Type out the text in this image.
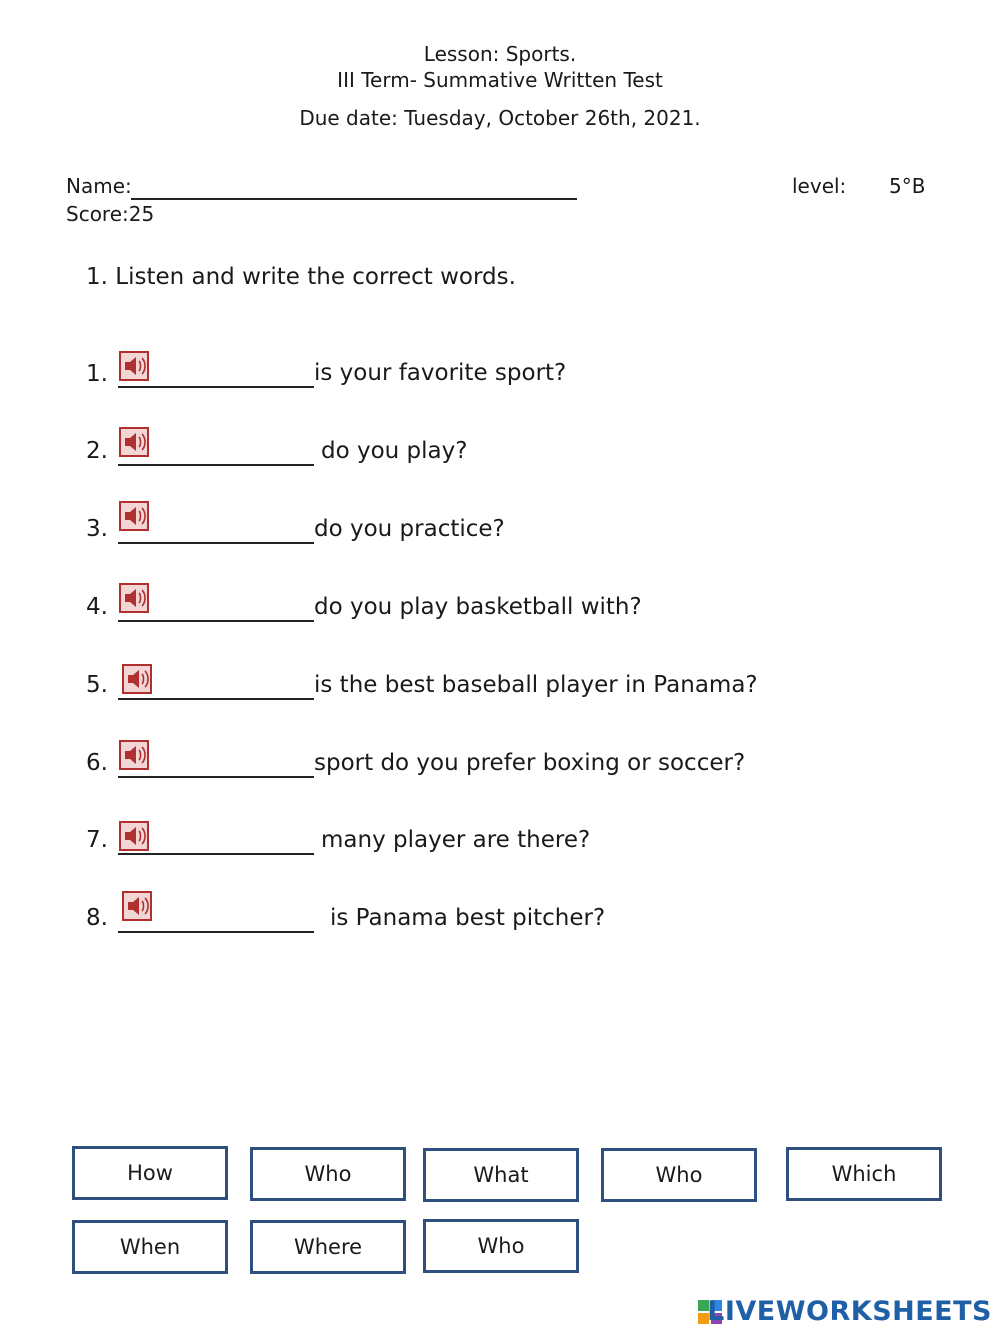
Lesson: Sports.
III Term- Summative Written Test
Due date: Tuesday, October 26th, 2021.
Name:	level: 5°B
Score:25
1. Listen and write the correct words.
1.	is your favorite sport?
2.	do you play?
3.	do you practice?
4.	do you play basketball with?
5.	is the best baseball player in Panama?
6.	sport do you prefer boxing or soccer?
7.	many player are there?
8.	is Panama best pitcher?
How	Who	What	Who	Which
When	Where	Who
LIVEWORKSHEETS
